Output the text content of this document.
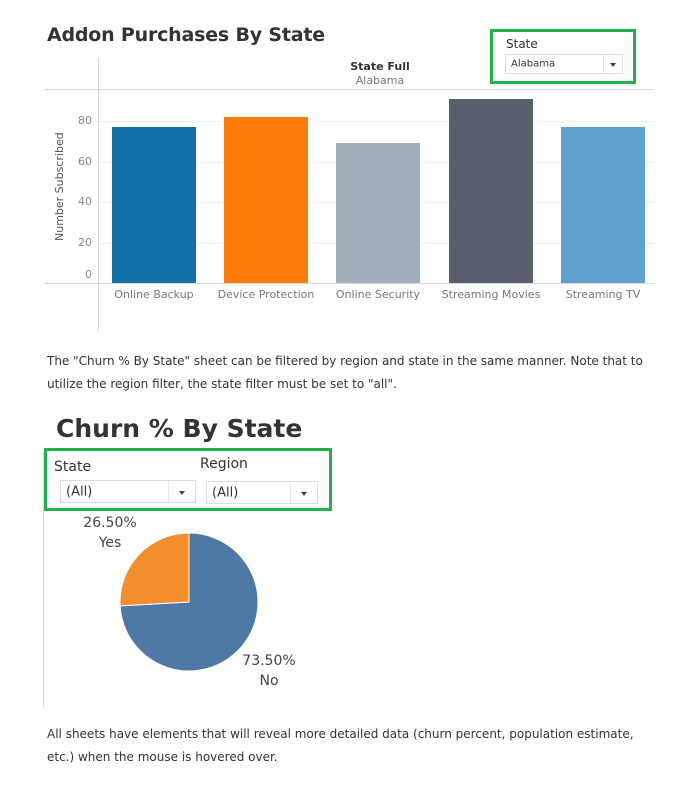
Addon Purchases By State	State
Alabama
State Full
Alabama
80
60
40
20
0
Number Subscribed
Online Backup	Device Protection	Online Security	Streaming Movies	Streaming TV
The "Churn % By State" sheet can be filtered by region and state in the same manner. Note that to utilize the region filter, the state filter must be set to "all".
Churn % By State
State
(All)
Region
(All)
26.50%
Yes
73.50%
No
All sheets have elements that will reveal more detailed data (churn percent, population estimate, etc.) when the mouse is hovered over.
